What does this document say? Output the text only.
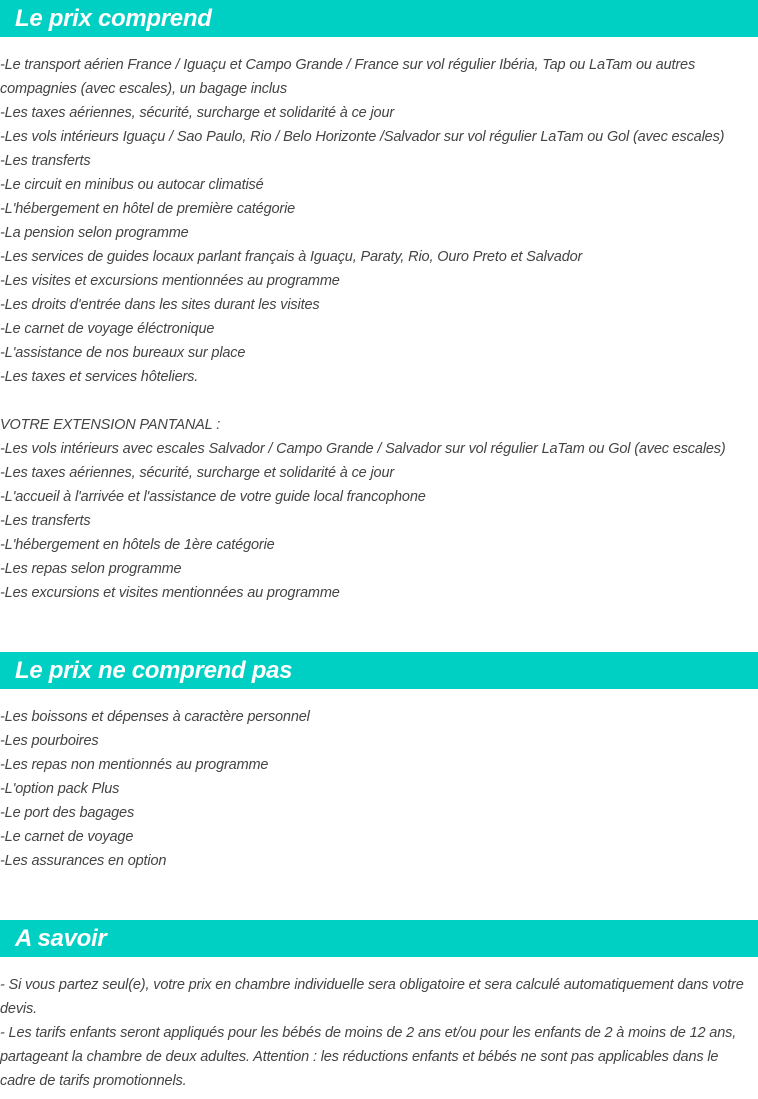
Le prix comprend
-Le transport aérien France / Iguaçu et Campo Grande / France sur vol régulier Ibéria, Tap ou LaTam ou autres
compagnies (avec escales), un bagage inclus
-Les taxes aériennes, sécurité, surcharge et solidarité à ce jour
-Les vols intérieurs Iguaçu / Sao Paulo, Rio / Belo Horizonte /Salvador sur vol régulier LaTam ou Gol (avec escales)
-Les transferts
-Le circuit en minibus ou autocar climatisé
-L'hébergement en hôtel de première catégorie
-La pension selon programme
-Les services de guides locaux parlant français à Iguaçu, Paraty, Rio, Ouro Preto et Salvador
-Les visites et excursions mentionnées au programme
-Les droits d'entrée dans les sites durant les visites
-Le carnet de voyage éléctronique
-L'assistance de nos bureaux sur place
-Les taxes et services hôteliers.
VOTRE EXTENSION PANTANAL :
-Les vols intérieurs avec escales Salvador / Campo Grande / Salvador sur vol régulier LaTam ou Gol (avec escales)
-Les taxes aériennes, sécurité, surcharge et solidarité à ce jour
-L'accueil à l'arrivée et l'assistance de votre guide local francophone
-Les transferts
-L'hébergement en hôtels de 1ère catégorie
-Les repas selon programme
-Les excursions et visites mentionnées au programme
Le prix ne comprend pas
-Les boissons et dépenses à caractère personnel
-Les pourboires
-Les repas non mentionnés au programme
-L'option pack Plus
-Le port des bagages
-Le carnet de voyage
-Les assurances en option
A savoir
- Si vous partez seul(e), votre prix en chambre individuelle sera obligatoire et sera calculé automatiquement dans votre devis.
- Les tarifs enfants seront appliqués pour les bébés de moins de 2 ans et/ou pour les enfants de 2 à moins de 12 ans, partageant la chambre de deux adultes. Attention : les réductions enfants et bébés ne sont pas applicables dans le cadre de tarifs promotionnels.
